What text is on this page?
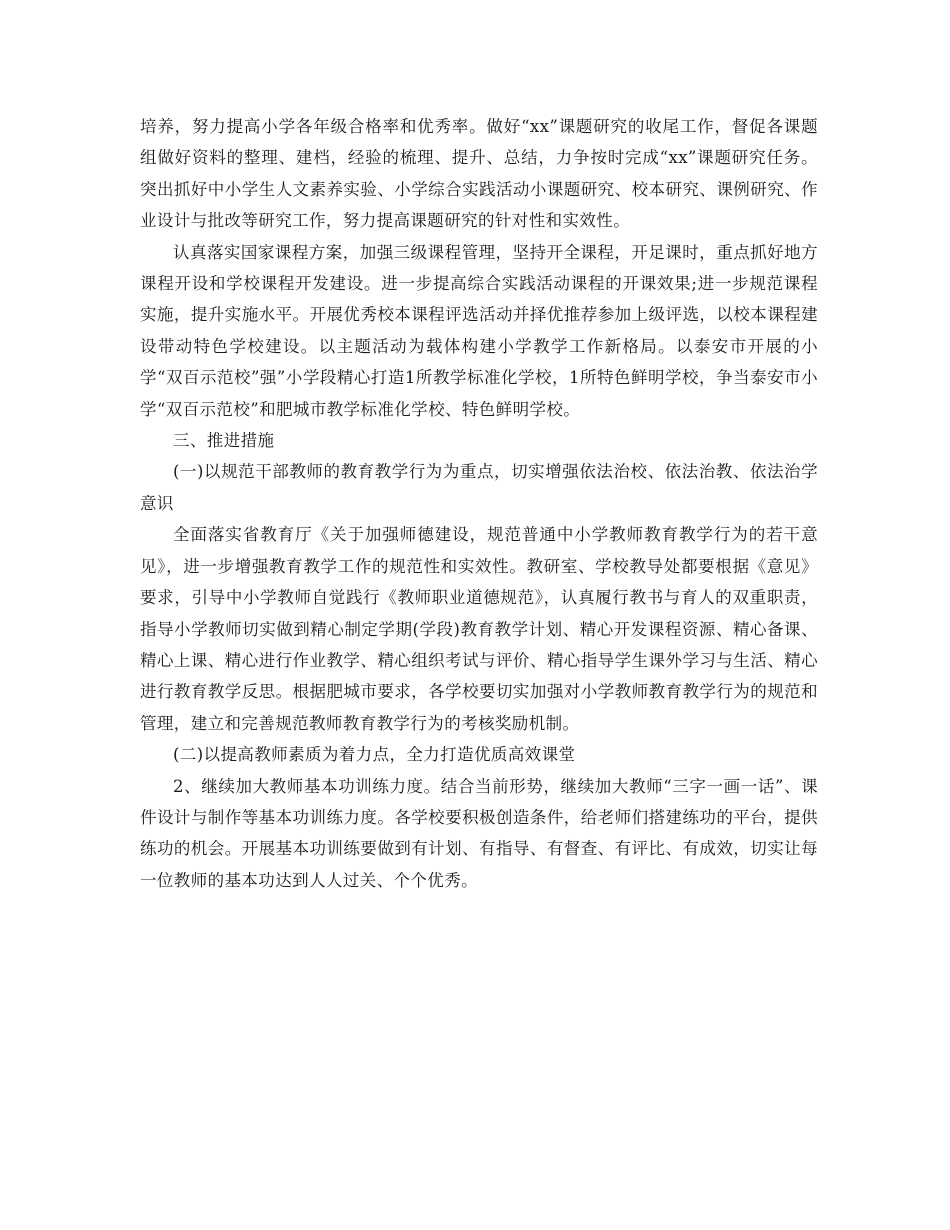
培养，努力提高小学各年级合格率和优秀率。做好“xx”课题研究的收尾工作，督促各课题组做好资料的整理、建档，经验的梳理、提升、总结，力争按时完成“xx”课题研究任务。突出抓好中小学生人文素养实验、小学综合实践活动小课题研究、校本研究、课例研究、作业设计与批改等研究工作，努力提高课题研究的针对性和实效性。

认真落实国家课程方案，加强三级课程管理，坚持开全课程，开足课时，重点抓好地方课程开设和学校课程开发建设。进一步提高综合实践活动课程的开课效果;进一步规范课程实施，提升实施水平。开展优秀校本课程评选活动并择优推荐参加上级评选，以校本课程建设带动特色学校建设。以主题活动为载体构建小学教学工作新格局。以泰安市开展的小学“双百示范校”强”小学段精心打造1所教学标准化学校，1所特色鲜明学校，争当泰安市小学“双百示范校”和肥城市教学标准化学校、特色鲜明学校。

三、推进措施

(一)以规范干部教师的教育教学行为为重点，切实增强依法治校、依法治教、依法治学意识

全面落实省教育厅《关于加强师德建设，规范普通中小学教师教育教学行为的若干意见》，进一步增强教育教学工作的规范性和实效性。教研室、学校教导处都要根据《意见》要求，引导中小学教师自觉践行《教师职业道德规范》，认真履行教书与育人的双重职责，指导小学教师切实做到精心制定学期(学段)教育教学计划、精心开发课程资源、精心备课、精心上课、精心进行作业教学、精心组织考试与评价、精心指导学生课外学习与生活、精心进行教育教学反思。根据肥城市要求，各学校要切实加强对小学教师教育教学行为的规范和管理，建立和完善规范教师教育教学行为的考核奖励机制。

(二)以提高教师素质为着力点，全力打造优质高效课堂

2、继续加大教师基本功训练力度。结合当前形势，继续加大教师“三字一画一话”、课件设计与制作等基本功训练力度。各学校要积极创造条件，给老师们搭建练功的平台，提供练功的机会。开展基本功训练要做到有计划、有指导、有督查、有评比、有成效，切实让每一位教师的基本功达到人人过关、个个优秀。
